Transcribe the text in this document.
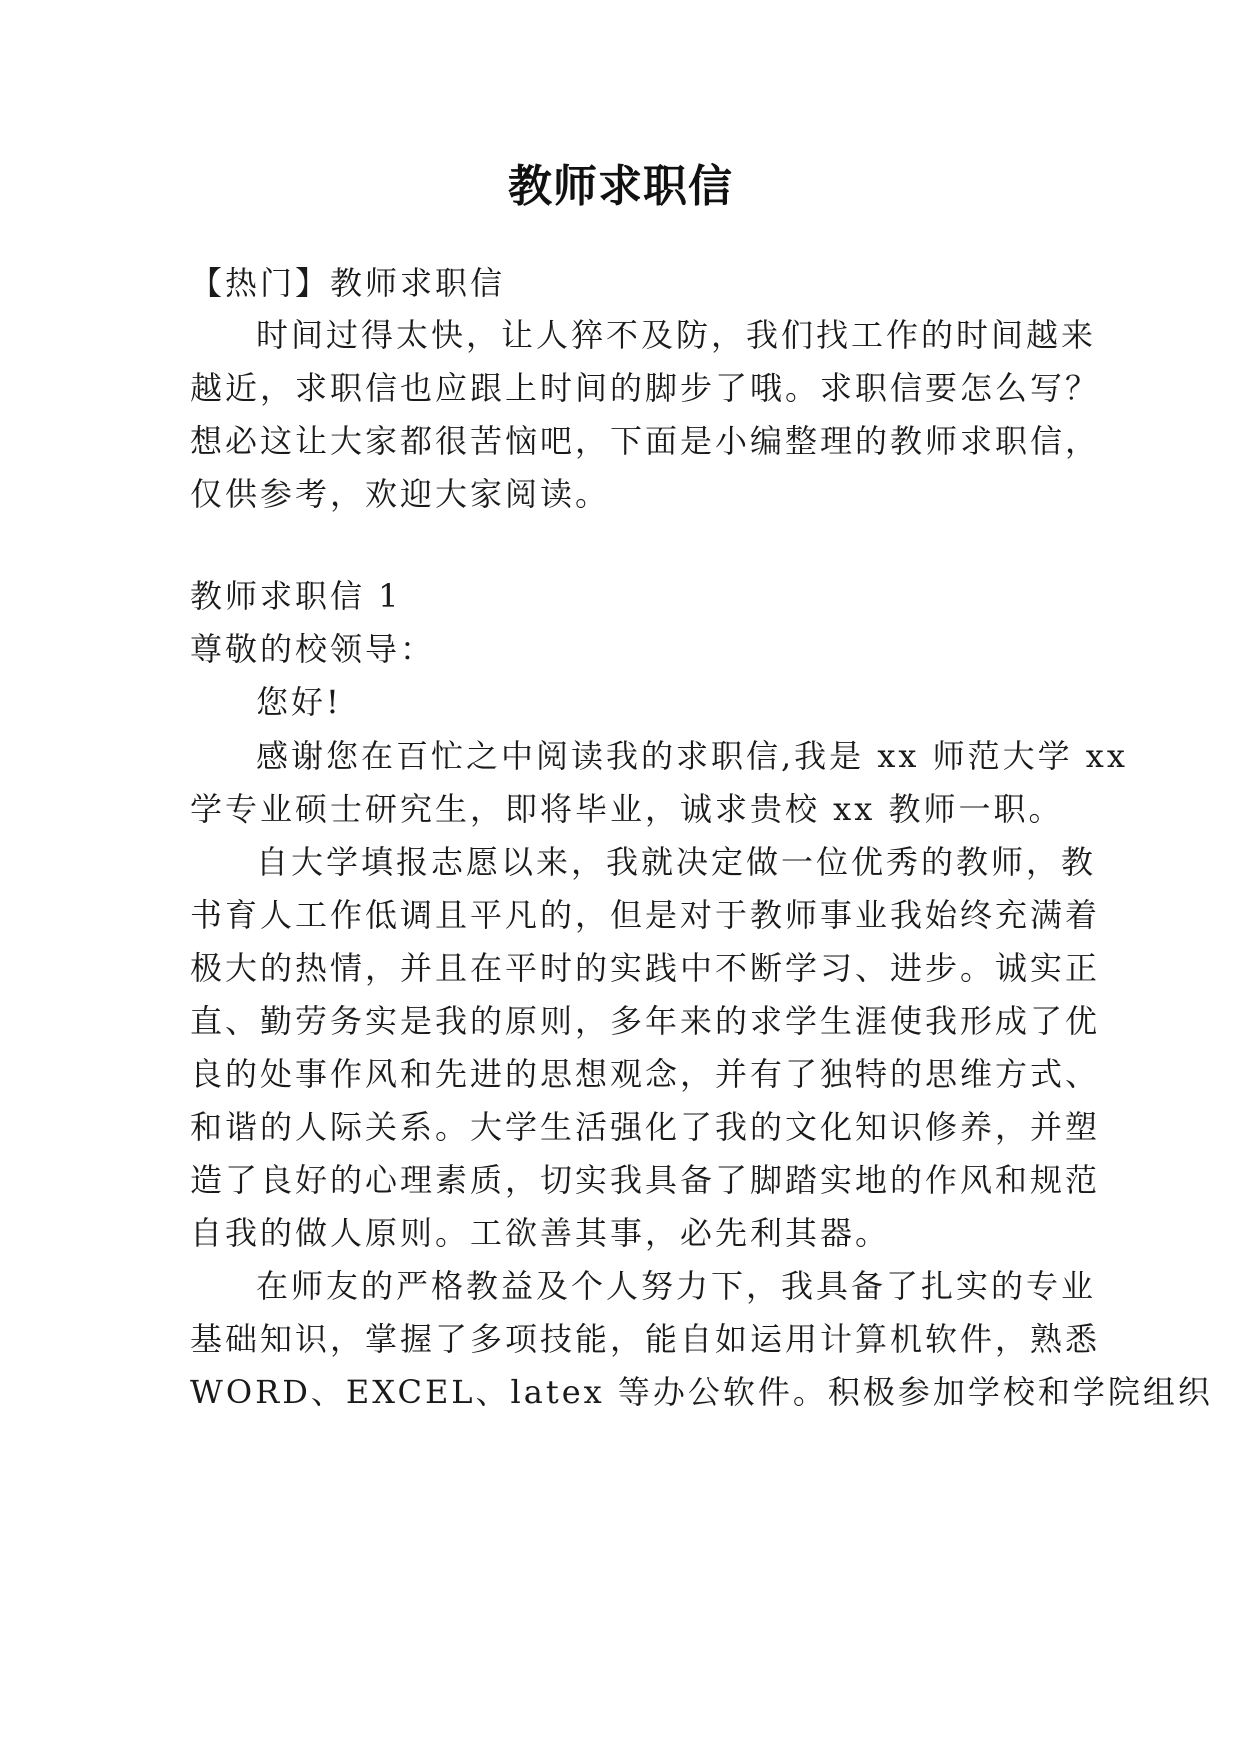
教师求职信
【热门】教师求职信
时间过得太快，让人猝不及防，我们找工作的时间越来
越近，求职信也应跟上时间的脚步了哦。求职信要怎么写？
想必这让大家都很苦恼吧，下面是小编整理的教师求职信，
仅供参考，欢迎大家阅读。
教师求职信 1
尊敬的校领导：
您好!
感谢您在百忙之中阅读我的求职信,我是 xx 师范大学 xx
学专业硕士研究生，即将毕业，诚求贵校 xx 教师一职。
自大学填报志愿以来，我就决定做一位优秀的教师，教
书育人工作低调且平凡的，但是对于教师事业我始终充满着
极大的热情，并且在平时的实践中不断学习、进步。诚实正
直、勤劳务实是我的原则，多年来的求学生涯使我形成了优
良的处事作风和先进的思想观念，并有了独特的思维方式、
和谐的人际关系。大学生活强化了我的文化知识修养，并塑
造了良好的心理素质，切实我具备了脚踏实地的作风和规范
自我的做人原则。工欲善其事，必先利其器。
在师友的严格教益及个人努力下，我具备了扎实的专业
基础知识，掌握了多项技能，能自如运用计算机软件，熟悉
WORD、EXCEL、latex 等办公软件。积极参加学校和学院组织
